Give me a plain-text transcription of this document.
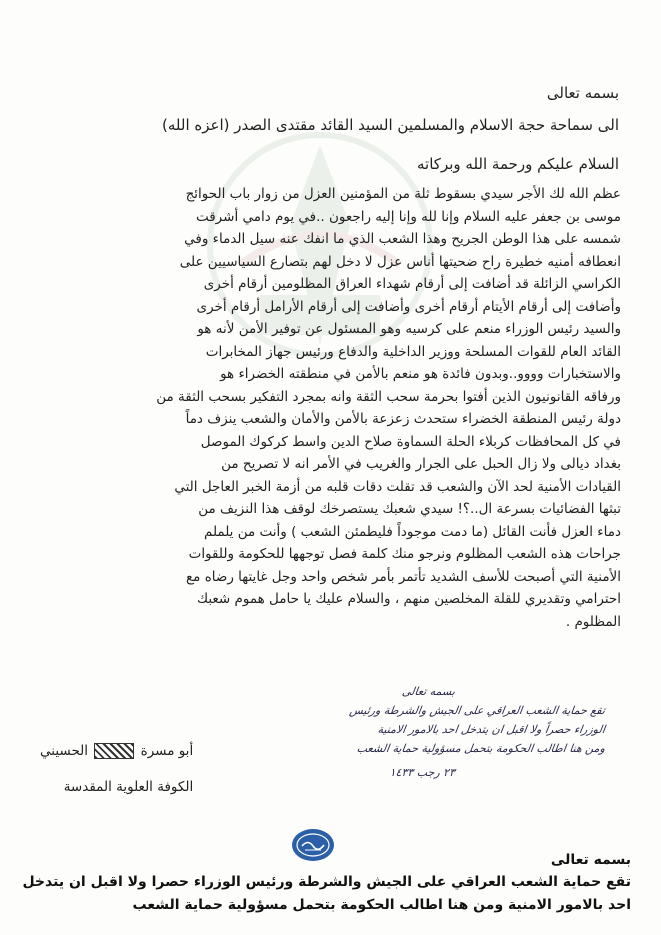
بسمه تعالى
الى سماحة حجة الاسلام والمسلمين السيد القائد مقتدى الصدر (اعزه الله)
السلام عليكم ورحمة الله وبركاته
عظم الله لك الأجر سيدي بسقوط ثلة من المؤمنين العزل من زوار باب الحوائج
موسى بن جعفر عليه السلام وإنا لله وإنا إليه راجعون ..في يوم دامي أشرقت
شمسه على هذا الوطن الجريح وهذا الشعب الذي ما انفك عنه سيل الدماء وفي
انعطافه أمنيه خطيرة راح ضحيتها أناس عزل لا دخل لهم بتصارع السياسيين على
الكراسي الزائلة قد أضافت إلى أرقام شهداء العراق المظلومين أرقام أخرى
وأضافت إلى أرقام الأيتام أرقام أخرى وأضافت إلى أرقام الأرامل أرقام أخرى
والسيد رئيس الوزراء منعم على كرسيه وهو المسئول عن توفير الأمن لأنه هو
القائد العام للقوات المسلحة ووزير الداخلية والدفاع ورئيس جهاز المخابرات
والاستخبارات وووو..وبدون فائدة هو منعم بالأمن في منطقته الخضراء هو
ورفاقه القانونيون الذين أفتوا بحرمة سحب الثقة وانه بمجرد التفكير بسحب الثقة من
دولة رئيس المنطقة الخضراء ستحدث زعزعة بالأمن والأمان والشعب ينزف دماً
في كل المحافظات كربلاء الحلة السماوة صلاح الدين واسط كركوك الموصل
بغداد ديالى ولا زال الحبل على الجرار والغريب في الأمر انه لا تصريح من
القيادات الأمنية لحد الآن والشعب قد تقلت دقات قلبه من أزمة الخبر العاجل التي
تبثها الفضائيات بسرعة ال..؟! سيدي شعبك يستصرخك لوقف هذا النزيف من
دماء العزل فأنت القائل (ما دمت موجوداً فليطمئن الشعب ) وأنت من يلملم
جراحات هذه الشعب المظلوم ونرجو منك كلمة فصل توجهها للحكومة وللقوات
الأمنية التي أصبحت للأسف الشديد تأتمر بأمر شخص واحد وجل غايتها رضاه مع
احترامي وتقديري للقلة المخلصين منهم ، والسلام عليك يا حامل هموم شعبك
المظلوم .
بسمه تعالى
تقع حماية الشعب العراقي على الجيش والشرطة ورئيس
الوزراء حصراً ولا اقبل ان يتدخل احد بالامور الامنية
ومن هنا اطالب الحكومة بتحمل مسؤولية حماية الشعب
٢٣ رجب ١٤٣٣
أبو مسرة  الحسيني
الكوفة العلوية المقدسة
بسمه تعالى
تقع حماية الشعب العراقي على الجيش والشرطة ورئيس الوزراء حصرا ولا اقبل ان يتدخل
احد بالامور الامنية ومن هنا اطالب الحكومة بتحمل مسؤولية حماية الشعب
